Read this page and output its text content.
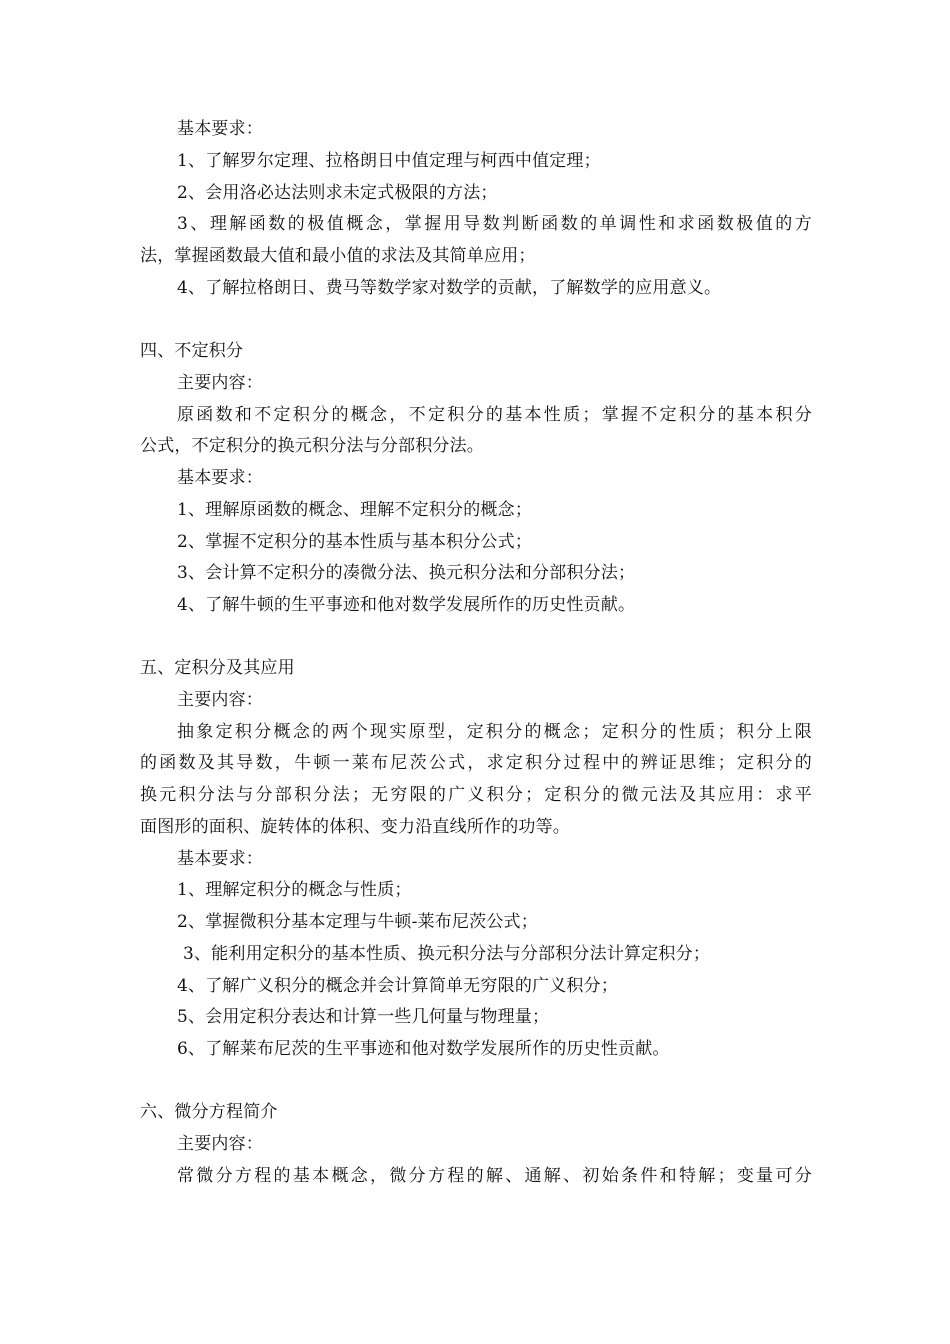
基本要求：
1、了解罗尔定理、拉格朗日中值定理与柯西中值定理；
2、会用洛必达法则求未定式极限的方法；
3、理解函数的极值概念，掌握用导数判断函数的单调性和求函数极值的方
法，掌握函数最大值和最小值的求法及其简单应用；
4、了解拉格朗日、费马等数学家对数学的贡献，了解数学的应用意义。
四、不定积分
主要内容：
原函数和不定积分的概念，不定积分的基本性质；掌握不定积分的基本积分
公式，不定积分的换元积分法与分部积分法。
基本要求：
1、理解原函数的概念、理解不定积分的概念；
2、掌握不定积分的基本性质与基本积分公式；
3、会计算不定积分的凑微分法、换元积分法和分部积分法；
4、了解牛顿的生平事迹和他对数学发展所作的历史性贡献。
五、定积分及其应用
主要内容：
抽象定积分概念的两个现实原型，定积分的概念；定积分的性质；积分上限
的函数及其导数，牛顿一莱布尼茨公式，求定积分过程中的辨证思维；定积分的
换元积分法与分部积分法；无穷限的广义积分；定积分的微元法及其应用：求平
面图形的面积、旋转体的体积、变力沿直线所作的功等。
基本要求：
1、理解定积分的概念与性质；
2、掌握微积分基本定理与牛顿-莱布尼茨公式；
3、能利用定积分的基本性质、换元积分法与分部积分法计算定积分；
4、了解广义积分的概念并会计算简单无穷限的广义积分；
5、会用定积分表达和计算一些几何量与物理量；
6、了解莱布尼茨的生平事迹和他对数学发展所作的历史性贡献。
六、微分方程简介
主要内容：
常微分方程的基本概念，微分方程的解、通解、初始条件和特解；变量可分
